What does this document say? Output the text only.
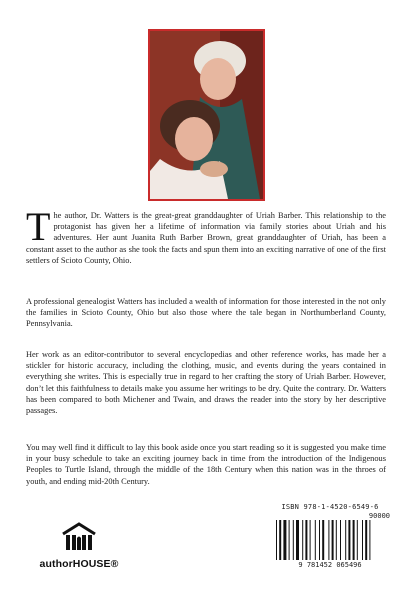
The author, Dr. Watters is the great-great granddaughter of Uriah Barber. This relationship to the protagonist has given her a lifetime of information via family stories about Uriah and his adventures. Her aunt Juanita Ruth Barber Brown, great granddaughter of Uriah, has been a constant asset to the author as she took the facts and spun them into an exciting narrative of one of the first settlers of Scioto County, Ohio.
A professional genealogist Watters has included a wealth of information for those interested in the not only the families in Scioto County, Ohio but also those where the tale began in Northumberland County, Pennsylvania.
Her work as an editor-contributor to several encyclopedias and other reference works, has made her a stickler for historic accuracy, including the clothing, music, and events during the years contained in everything she writes. This is especially true in regard to her crafting the story of Uriah Barber. However, don’t let this faithfulness to details make you assume her writings to be dry. Quite the contrary. Dr. Watters has been compared to both Michener and Twain, and draws the reader into the story by her descriptive passages.
You may well find it difficult to lay this book aside once you start reading so it is suggested you make time in your busy schedule to take an exciting journey back in time from the introduction of the Indigenous Peoples to Turtle Island, through the middle of the 18th Century when this nation was in the throes of youth, and ending mid-20th Century.
authorHOUSE®
ISBN 978-1-4520-6549-6
90000
9 781452 065496
